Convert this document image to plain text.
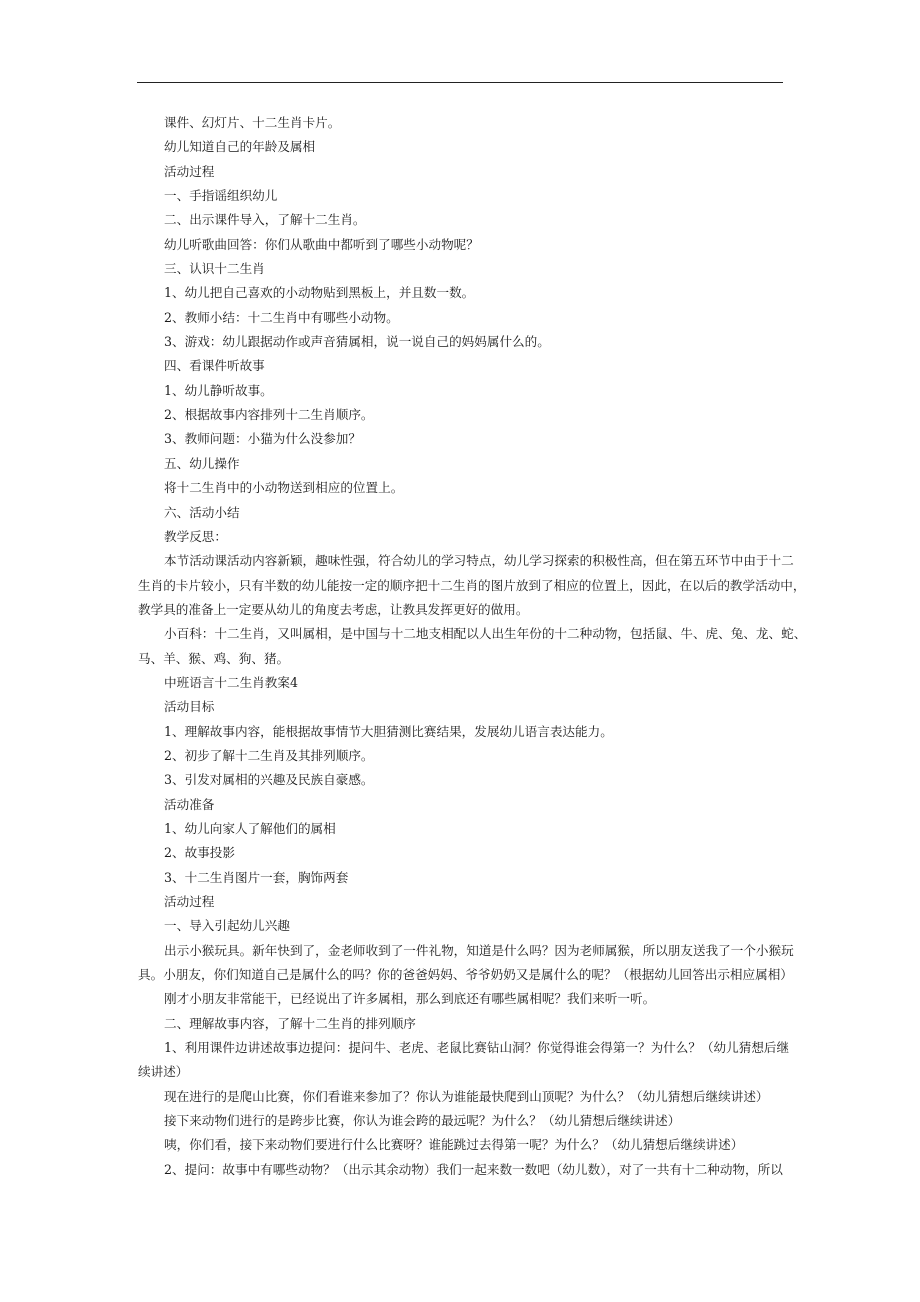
课件、幻灯片、十二生肖卡片。
幼儿知道自己的年龄及属相
活动过程
一、手指谣组织幼儿
二、出示课件导入，了解十二生肖。
幼儿听歌曲回答：你们从歌曲中都听到了哪些小动物呢？
三、认识十二生肖
1、幼儿把自己喜欢的小动物贴到黑板上，并且数一数。
2、教师小结：十二生肖中有哪些小动物。
3、游戏：幼儿跟据动作或声音猜属相，说一说自己的妈妈属什么的。
四、看课件听故事
1、幼儿静听故事。
2、根据故事内容排列十二生肖顺序。
3、教师问题：小猫为什么没参加？
五、幼儿操作
将十二生肖中的小动物送到相应的位置上。
六、活动小结
教学反思：
本节活动课活动内容新颖，趣味性强，符合幼儿的学习特点，幼儿学习探索的积极性高，但在第五环节中由于十二
生肖的卡片较小，只有半数的幼儿能按一定的顺序把十二生肖的图片放到了相应的位置上，因此，在以后的教学活动中，
教学具的准备上一定要从幼儿的角度去考虑，让教具发挥更好的做用。
小百科：十二生肖，又叫属相，是中国与十二地支相配以人出生年份的十二种动物，包括鼠、牛、虎、兔、龙、蛇、
马、羊、猴、鸡、狗、猪。
中班语言十二生肖教案4
活动目标
1、理解故事内容，能根据故事情节大胆猜测比赛结果，发展幼儿语言表达能力。
2、初步了解十二生肖及其排列顺序。
3、引发对属相的兴趣及民族自豪感。
活动准备
1、幼儿向家人了解他们的属相
2、故事投影
3、十二生肖图片一套，胸饰两套
活动过程
一、导入引起幼儿兴趣
出示小猴玩具。新年快到了，金老师收到了一件礼物，知道是什么吗？因为老师属猴，所以朋友送我了一个小猴玩
具。小朋友，你们知道自己是属什么的吗？你的爸爸妈妈、爷爷奶奶又是属什么的呢？（根据幼儿回答出示相应属相）
刚才小朋友非常能干，已经说出了许多属相，那么到底还有哪些属相呢？我们来听一听。
二、理解故事内容，了解十二生肖的排列顺序
1、利用课件边讲述故事边提问：提问牛、老虎、老鼠比赛钻山洞？你觉得谁会得第一？为什么？（幼儿猜想后继
续讲述）
现在进行的是爬山比赛，你们看谁来参加了？你认为谁能最快爬到山顶呢？为什么？（幼儿猜想后继续讲述）
接下来动物们进行的是跨步比赛，你认为谁会跨的最远呢？为什么？（幼儿猜想后继续讲述）
咦，你们看，接下来动物们要进行什么比赛呀？谁能跳过去得第一呢？为什么？（幼儿猜想后继续讲述）
2、提问：故事中有哪些动物？（出示其余动物）我们一起来数一数吧（幼儿数），对了一共有十二种动物，所以
